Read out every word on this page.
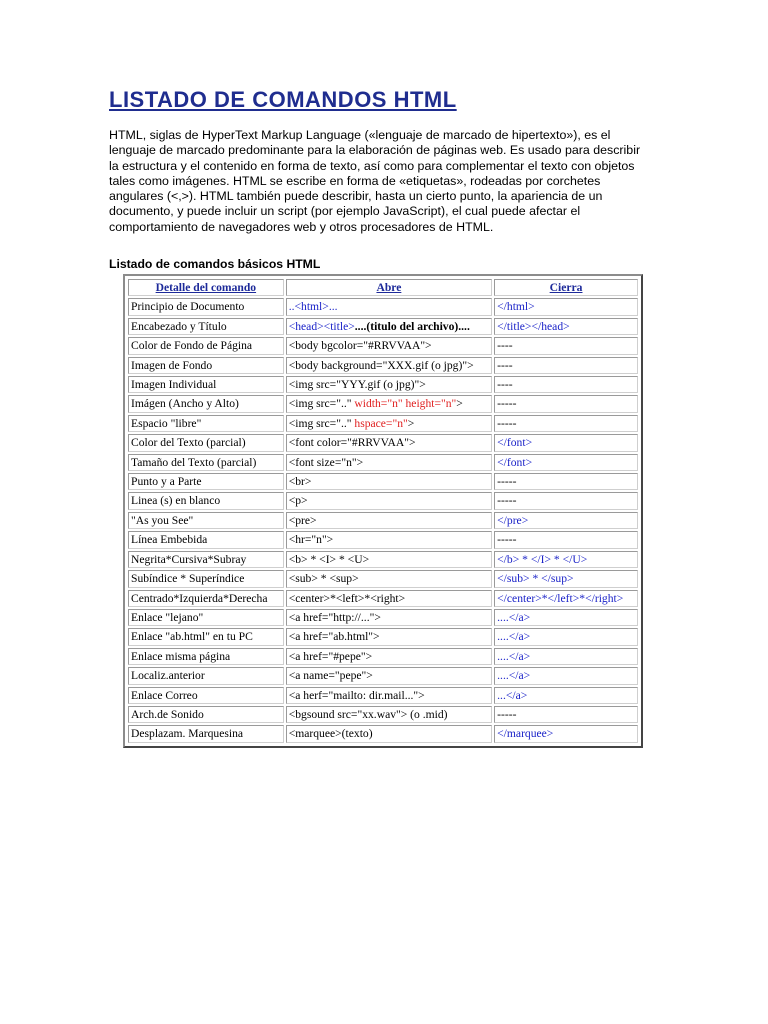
LISTADO DE COMANDOS HTML

HTML, siglas de HyperText Markup Language («lenguaje de marcado de hipertexto»), es el lenguaje de marcado predominante para la elaboración de páginas web. Es usado para describir la estructura y el contenido en forma de texto, así como para complementar el texto con objetos tales como imágenes. HTML se escribe en forma de «etiquetas», rodeadas por corchetes angulares (<,>). HTML también puede describir, hasta un cierto punto, la apariencia de un documento, y puede incluir un script (por ejemplo JavaScript), el cual puede afectar el comportamiento de navegadores web y otros procesadores de HTML.

Listado de comandos básicos HTML
Detalle del comando	Abre	Cierra
Principio de Documento	..<html>...	</html>
Encabezado y Título	<head><title>....(titulo del archivo)....	</title></head>
Color de Fondo de Página	<body bgcolor="#RRVVAA">	----
Imagen de Fondo	<body background="XXX.gif (o jpg)">	----
Imagen Individual	<img src="YYY.gif (o jpg)">	----
Imágen (Ancho y Alto)	<img src=".." width="n" height="n">	-----
Espacio "libre"	<img src=".." hspace="n">	-----
Color del Texto (parcial)	<font color="#RRVVAA">	</font>
Tamaño del Texto (parcial)	<font size="n">	</font>
Punto y a Parte	<br>	-----
Linea (s) en blanco	<p>	-----
"As you See"	<pre>	</pre>
Línea Embebida	<hr="n">	-----
Negrita*Cursiva*Subray	<b> * <I> * <U>	</b> * </I> * </U>
Subíndice * Superíndice	<sub> * <sup>	</sub> * </sup>
Centrado*Izquierda*Derecha	<center>*<left>*<right>	</center>*</left>*</right>
Enlace "lejano"	<a href="http://...">	....</a>
Enlace "ab.html" en tu PC	<a href="ab.html">	....</a>
Enlace misma página	<a href="#pepe">	....</a>
Localiz.anterior	<a name="pepe">	....</a>
Enlace Correo	<a herf="mailto: dir.mail...">	...</a>
Arch.de Sonido	<bgsound src="xx.wav"> (o .mid)	-----
Desplazam. Marquesina	<marquee>(texto)	</marquee>
